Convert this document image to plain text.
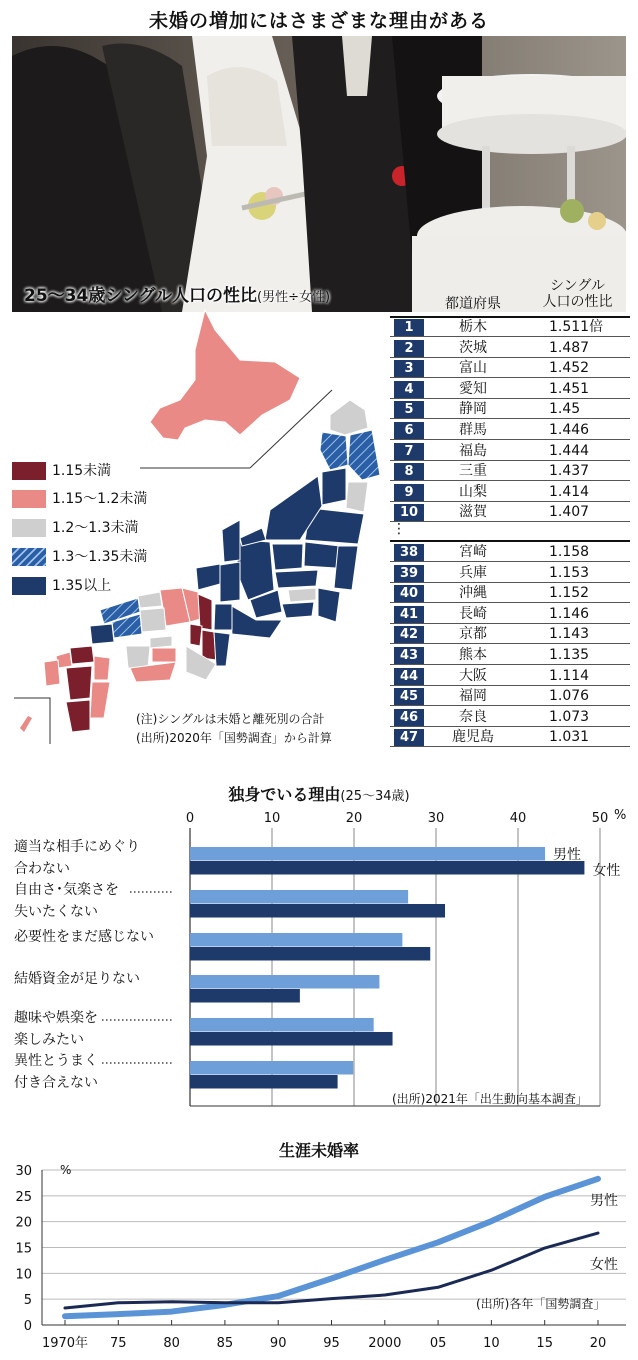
未婚の増加にはさまざまな理由がある
25～34歳シングル人口の性比(男性÷女性)
1.15未満
1.15～1.2未満
1.2～1.3未満
1.3～1.35未満
1.35以上
(注)シングルは未婚と離死別の合計
(出所)2020年「国勢調査」から計算
都道府県
シングル
人口の性比
1	栃木	1.511倍
2	茨城	1.487
3	富山	1.452
4	愛知	1.451
5	静岡	1.45
6	群馬	1.446
7	福島	1.444
8	三重	1.437
9	山梨	1.414
10	滋賀	1.407
⋮
38	宮崎	1.158
39	兵庫	1.153
40	沖縄	1.152
41	長崎	1.146
42	京都	1.143
43	熊本	1.135
44	大阪	1.114
45	福岡	1.076
46	奈良	1.073
47	鹿児島	1.031
独身でいる理由(25～34歳)
%
0	10	20	30	40	50
男性
女性
適当な相手にめぐり
合わない
自由さ･気楽さを
失いたくない
必要性をまだ感じない
結婚資金が足りない
趣味や娯楽を
楽しみたい
異性とうまく
付き合えない
(出所)2021年「出生動向基本調査」
生涯未婚率
0
5
10
15
20
25
30 %
1970年 75	80	85	90	95 2000 05	10	15	20
男性
女性
(出所)各年「国勢調査」
